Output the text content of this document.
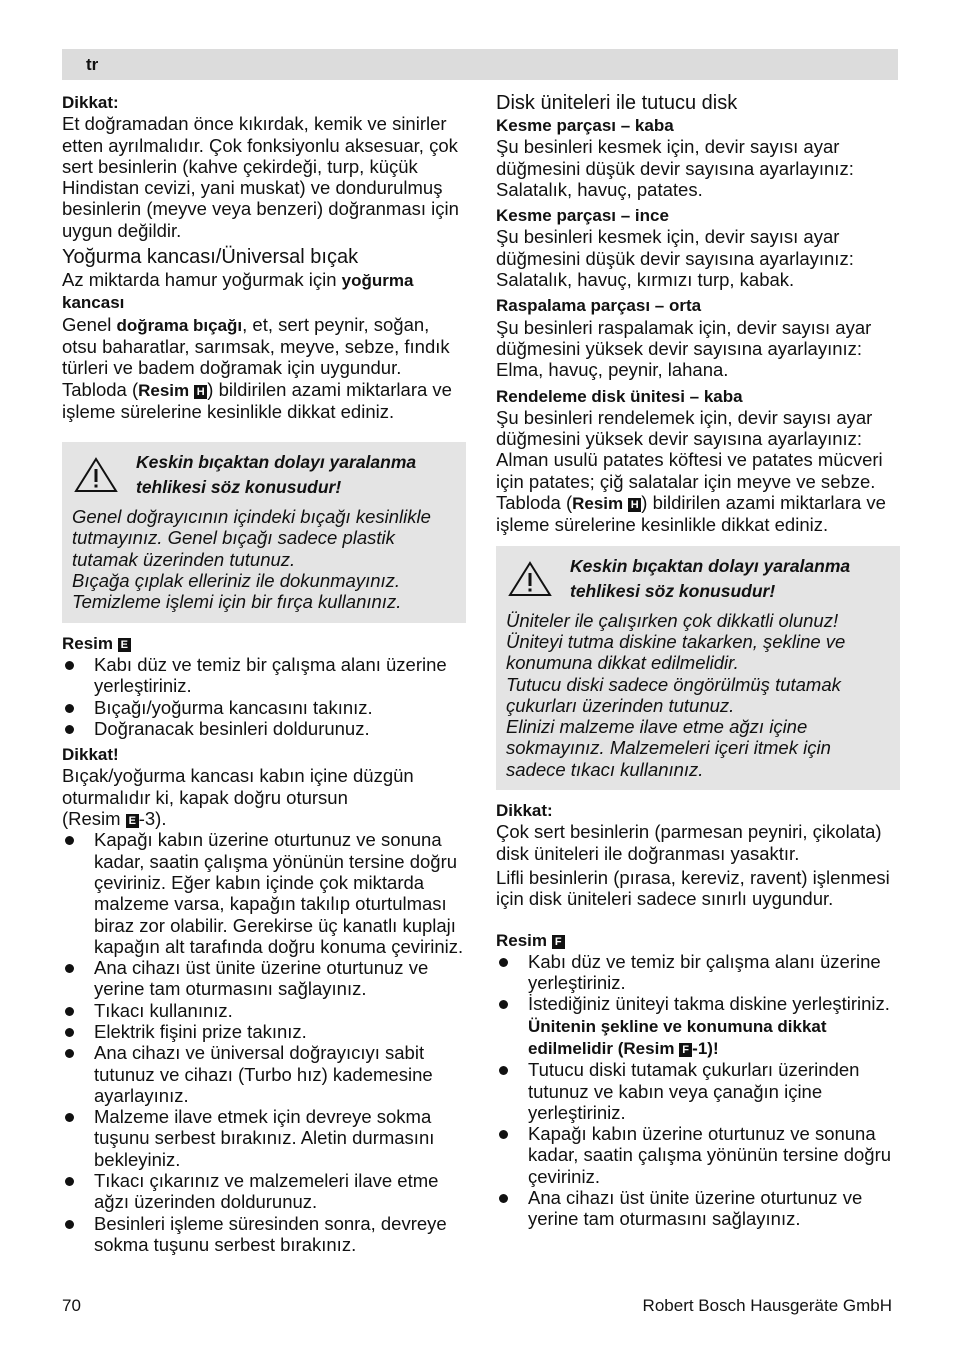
tr

Dikkat:

Et doğramadan önce kıkırdak, kemik ve sinirler etten ayrılmalıdır. Çok fonksiyonlu aksesuar, çok sert besinlerin (kahve çekirdeği, turp, küçük Hindistan cevizi, yani muskat) ve dondurulmuş besinlerin (meyve veya benzeri) doğranması için uygun değildir.

Yoğurma kancası/Üniversal bıçak

Az miktarda hamur yoğurmak için yoğurma kancası

Genel doğrama bıçağı, et, sert peynir, soğan, otsu baharatlar, sarımsak, meyve, sebze, fındık türleri ve badem doğramak için uygundur.

Tabloda (Resim H ) bildirilen azami miktarlara ve işleme sürelerine kesinlikle dikkat ediniz.

Keskin bıçaktan dolayı yaralanma tehlikesi söz konusudur!
Genel doğrayıcının içindeki bıçağı kesinlikle tutmayınız. Genel bıçağı sadece plastik tutamak üzerinden tutunuz.
Bıçağa çıplak elleriniz ile dokunmayınız. Temizleme işlemi için bir fırça kullanınız.

Resim E

Kabı düz ve temiz bir çalışma alanı üzerine yerleştiriniz.
Bıçağı/yoğurma kancasını takınız.
Doğranacak besinleri doldurunuz.

Dikkat!

Bıçak/yoğurma kancası kabın içine düzgün oturmalıdır ki, kapak doğru otursun

(Resim E -3).

Kapağı kabın üzerine oturtunuz ve sonuna kadar, saatin çalışma yönünün tersine doğru çeviriniz. Eğer kabın içinde çok miktarda malzeme varsa, kapağın takılıp oturtulması biraz zor olabilir. Gerekirse üç kanatlı kuplajı kapağın alt tarafında doğru konuma çeviriniz.
Ana cihazı üst ünite üzerine oturtunuz ve yerine tam oturmasını sağlayınız.
Tıkacı kullanınız.
Elektrik fişini prize takınız.
Ana cihazı ve üniversal doğrayıcıyı sabit tutunuz ve cihazı (Turbo hız) kademesine ayarlayınız.
Malzeme ilave etmek için devreye sokma tuşunu serbest bırakınız. Aletin durmasını bekleyiniz.
Tıkacı çıkarınız ve malzemeleri ilave etme ağzı üzerinden doldurunuz.
Besinleri işleme süresinden sonra, devreye sokma tuşunu serbest bırakınız.

Disk üniteleri ile tutucu disk

Kesme parçası – kaba

Şu besinleri kesmek için, devir sayısı ayar düğmesini düşük devir sayısına ayarlayınız: Salatalık, havuç, patates.

Kesme parçası – ince

Şu besinleri kesmek için, devir sayısı ayar düğmesini düşük devir sayısına ayarlayınız: Salatalık, havuç, kırmızı turp, kabak.

Raspalama parçası – orta

Şu besinleri raspalamak için, devir sayısı ayar düğmesini yüksek devir sayısına ayarlayınız: Elma, havuç, peynir, lahana.

Rendeleme disk ünitesi – kaba

Şu besinleri rendelemek için, devir sayısı ayar düğmesini yüksek devir sayısına ayarlayınız: Alman usulü patates köftesi ve patates mücveri için patates; çiğ salatalar için meyve ve sebze.

Tabloda (Resim H ) bildirilen azami miktarlara ve işleme sürelerine kesinlikle dikkat ediniz.

Keskin bıçaktan dolayı yaralanma tehlikesi söz konusudur!
Üniteler ile çalışırken çok dikkatli olunuz! Üniteyi tutma diskine takarken, şekline ve konumuna dikkat edilmelidir.
Tutucu diski sadece öngörülmüş tutamak çukurları üzerinden tutunuz.
Elinizi malzeme ilave etme ağzı içine sokmayınız. Malzemeleri içeri itmek için sadece tıkacı kullanınız.

Dikkat:

Çok sert besinlerin (parmesan peyniri, çikolata) disk üniteleri ile doğranması yasaktır.

Lifli besinlerin (pırasa, kereviz, ravent) işlenmesi için disk üniteleri sadece sınırlı uygundur.

Resim F

Kabı düz ve temiz bir çalışma alanı üzerine yerleştiriniz.
İstediğiniz üniteyi takma diskine yerleştiriniz. Ünitenin şekline ve konumuna dikkat edilmelidir (Resim F -1)!
Tutucu diski tutamak çukurları üzerinden tutunuz ve kabın veya çanağın içine yerleştiriniz.
Kapağı kabın üzerine oturtunuz ve sonuna kadar, saatin çalışma yönünün tersine doğru çeviriniz.
Ana cihazı üst ünite üzerine oturtunuz ve yerine tam oturmasını sağlayınız.
70	Robert Bosch Hausgeräte GmbH
